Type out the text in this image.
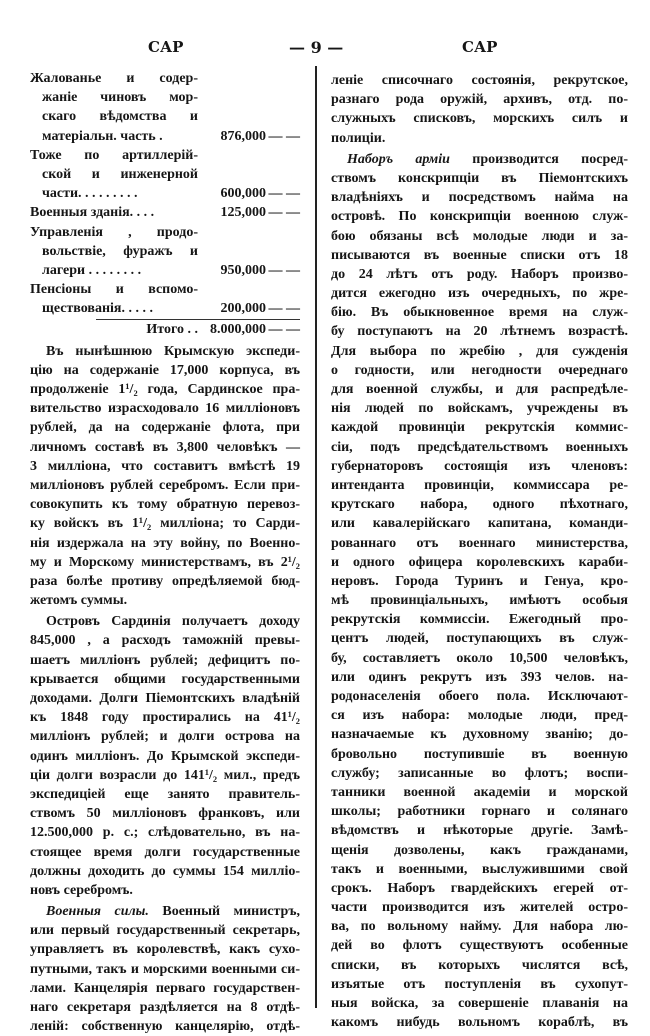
САР	— 9 —	САР
Жалованье и содер-
жаніе чиновъ мор-
скаго вѣдомства и
матеріальн. часть .	876,000 — —
Тоже по артиллерій-
ской и инженерной
части. . . . . . . . .	600,000 — —
Военныя зданія. . . .	125,000 — —
Управленія , продо-
вольствіе, фуражъ и
лагери . . . . . . . .	950,000 — —
Пенсіоны и вспомо-
ществованія. . . . .	200,000 — —
Итого . . 8.000,000 — —
Въ нынѣшнюю Крымскую экспеди-
цію на содержаніе 17,000 корпуса, въ
продолженіе 1¹/₂ года, Сардинское пра-
вительство израсходовало 16 милліоновъ
рублей, да на содержаніе флота, при
личномъ составѣ въ 3,800 человѣкъ —
3 милліона, что составитъ вмѣстѣ 19
милліоновъ рублей серебромъ. Если при-
совокупить къ тому обратную перевоз-
ку войскъ въ 1¹/₂ милліона; то Сарди-
нія издержала на эту войну, по Военно-
му и Морскому министерствамъ, въ 2¹/₂
раза болѣе противу опредѣляемой бюд-
жетомъ суммы.
Островъ Сардинія получаетъ доходу
845,000 , а расходъ таможній превы-
шаетъ милліонъ рублей; дефицитъ по-
крывается общими государственными
доходами. Долги Піемонтскихъ владѣній
къ 1848 году простирались на 41¹/₂
милліонъ рублей; и долги острова на
одинъ милліонъ. До Крымской экспеди-
ціи долги возрасли до 141¹/₂ мил., предъ
экспедиціей еще занято правитель-
ствомъ 50 милліоновъ франковъ, или
12.500,000 р. с.; слѣдовательно, въ на-
стоящее время долги государственные
должны доходить до суммы 154 милліо-
новъ серебромъ.
Военныя силы. Военный министръ,
или первый государственный секретарь,
управляетъ въ королевствѣ, какъ сухо-
путными, такъ и морскими военными си-
лами. Канцелярія перваго государствен-
наго секретаря раздѣляется на 8 отдѣ-
леній: собственную канцелярію, отдѣ-
леніе списочнаго состоянія, рекрутское,
разнаго рода оружій, архивъ, отд. по-
служныхъ списковъ, морскихъ силъ и
полиціи.
Наборъ арміи производится посред-
ствомъ конскрипціи въ Піемонтскихъ
владѣніяхъ и посредствомъ найма на
островѣ. По конскрипціи военною служ-
бою обязаны всѣ молодые люди и за-
писываются въ военные списки отъ 18
до 24 лѣтъ отъ роду. Наборъ произво-
дится ежегодно изъ очередныхъ, по жре-
бію. Въ обыкновенное время на служ-
бу поступаютъ на 20 лѣтнемъ возрастѣ.
Для выбора по жребію , для сужденія
о годности, или негодности очереднаго
для военной службы, и для распредѣле-
нія людей по войскамъ, учреждены въ
каждой провинціи рекрутскія коммис-
сіи, подъ предсѣдательствомъ военныхъ
губернаторовъ состоящія изъ членовъ:
интенданта провинціи, коммиссара ре-
крутскаго набора, одного пѣхотнаго,
или кавалерійскаго капитана, команди-
рованнаго отъ военнаго министерства,
и одного офицера королевскихъ караби-
неровъ. Города Туринъ и Генуа, кро-
мѣ провинціальныхъ, имѣютъ особыя
рекрутскія коммиссіи. Ежегодный про-
центъ людей, поступающихъ въ служ-
бу, составляетъ около 10,500 человѣкъ,
или одинъ рекрутъ изъ 393 челов. на-
родонаселенія обоего пола. Исключают-
ся изъ набора: молодые люди, пред-
назначаемые къ духовному званію; до-
бровольно поступившіе въ военную
службу; записанные во флотъ; воспи-
танники военной академіи и морской
школы; работники горнаго и солянаго
вѣдомствъ и нѣкоторые другіе. Замѣ-
щенія дозволены, какъ гражданами,
такъ и военными, выслужившими свой
срокъ. Наборъ гвардейскихъ егерей от-
части производится изъ жителей остро-
ва, по вольному найму. Для набора лю-
дей во флотъ существуютъ особенные
списки, въ которыхъ числятся всѣ,
изъятые отъ поступленія въ сухопут-
ныя войска, за совершеніе плаванія на
какомъ нибудь вольномъ кораблѣ, въ
